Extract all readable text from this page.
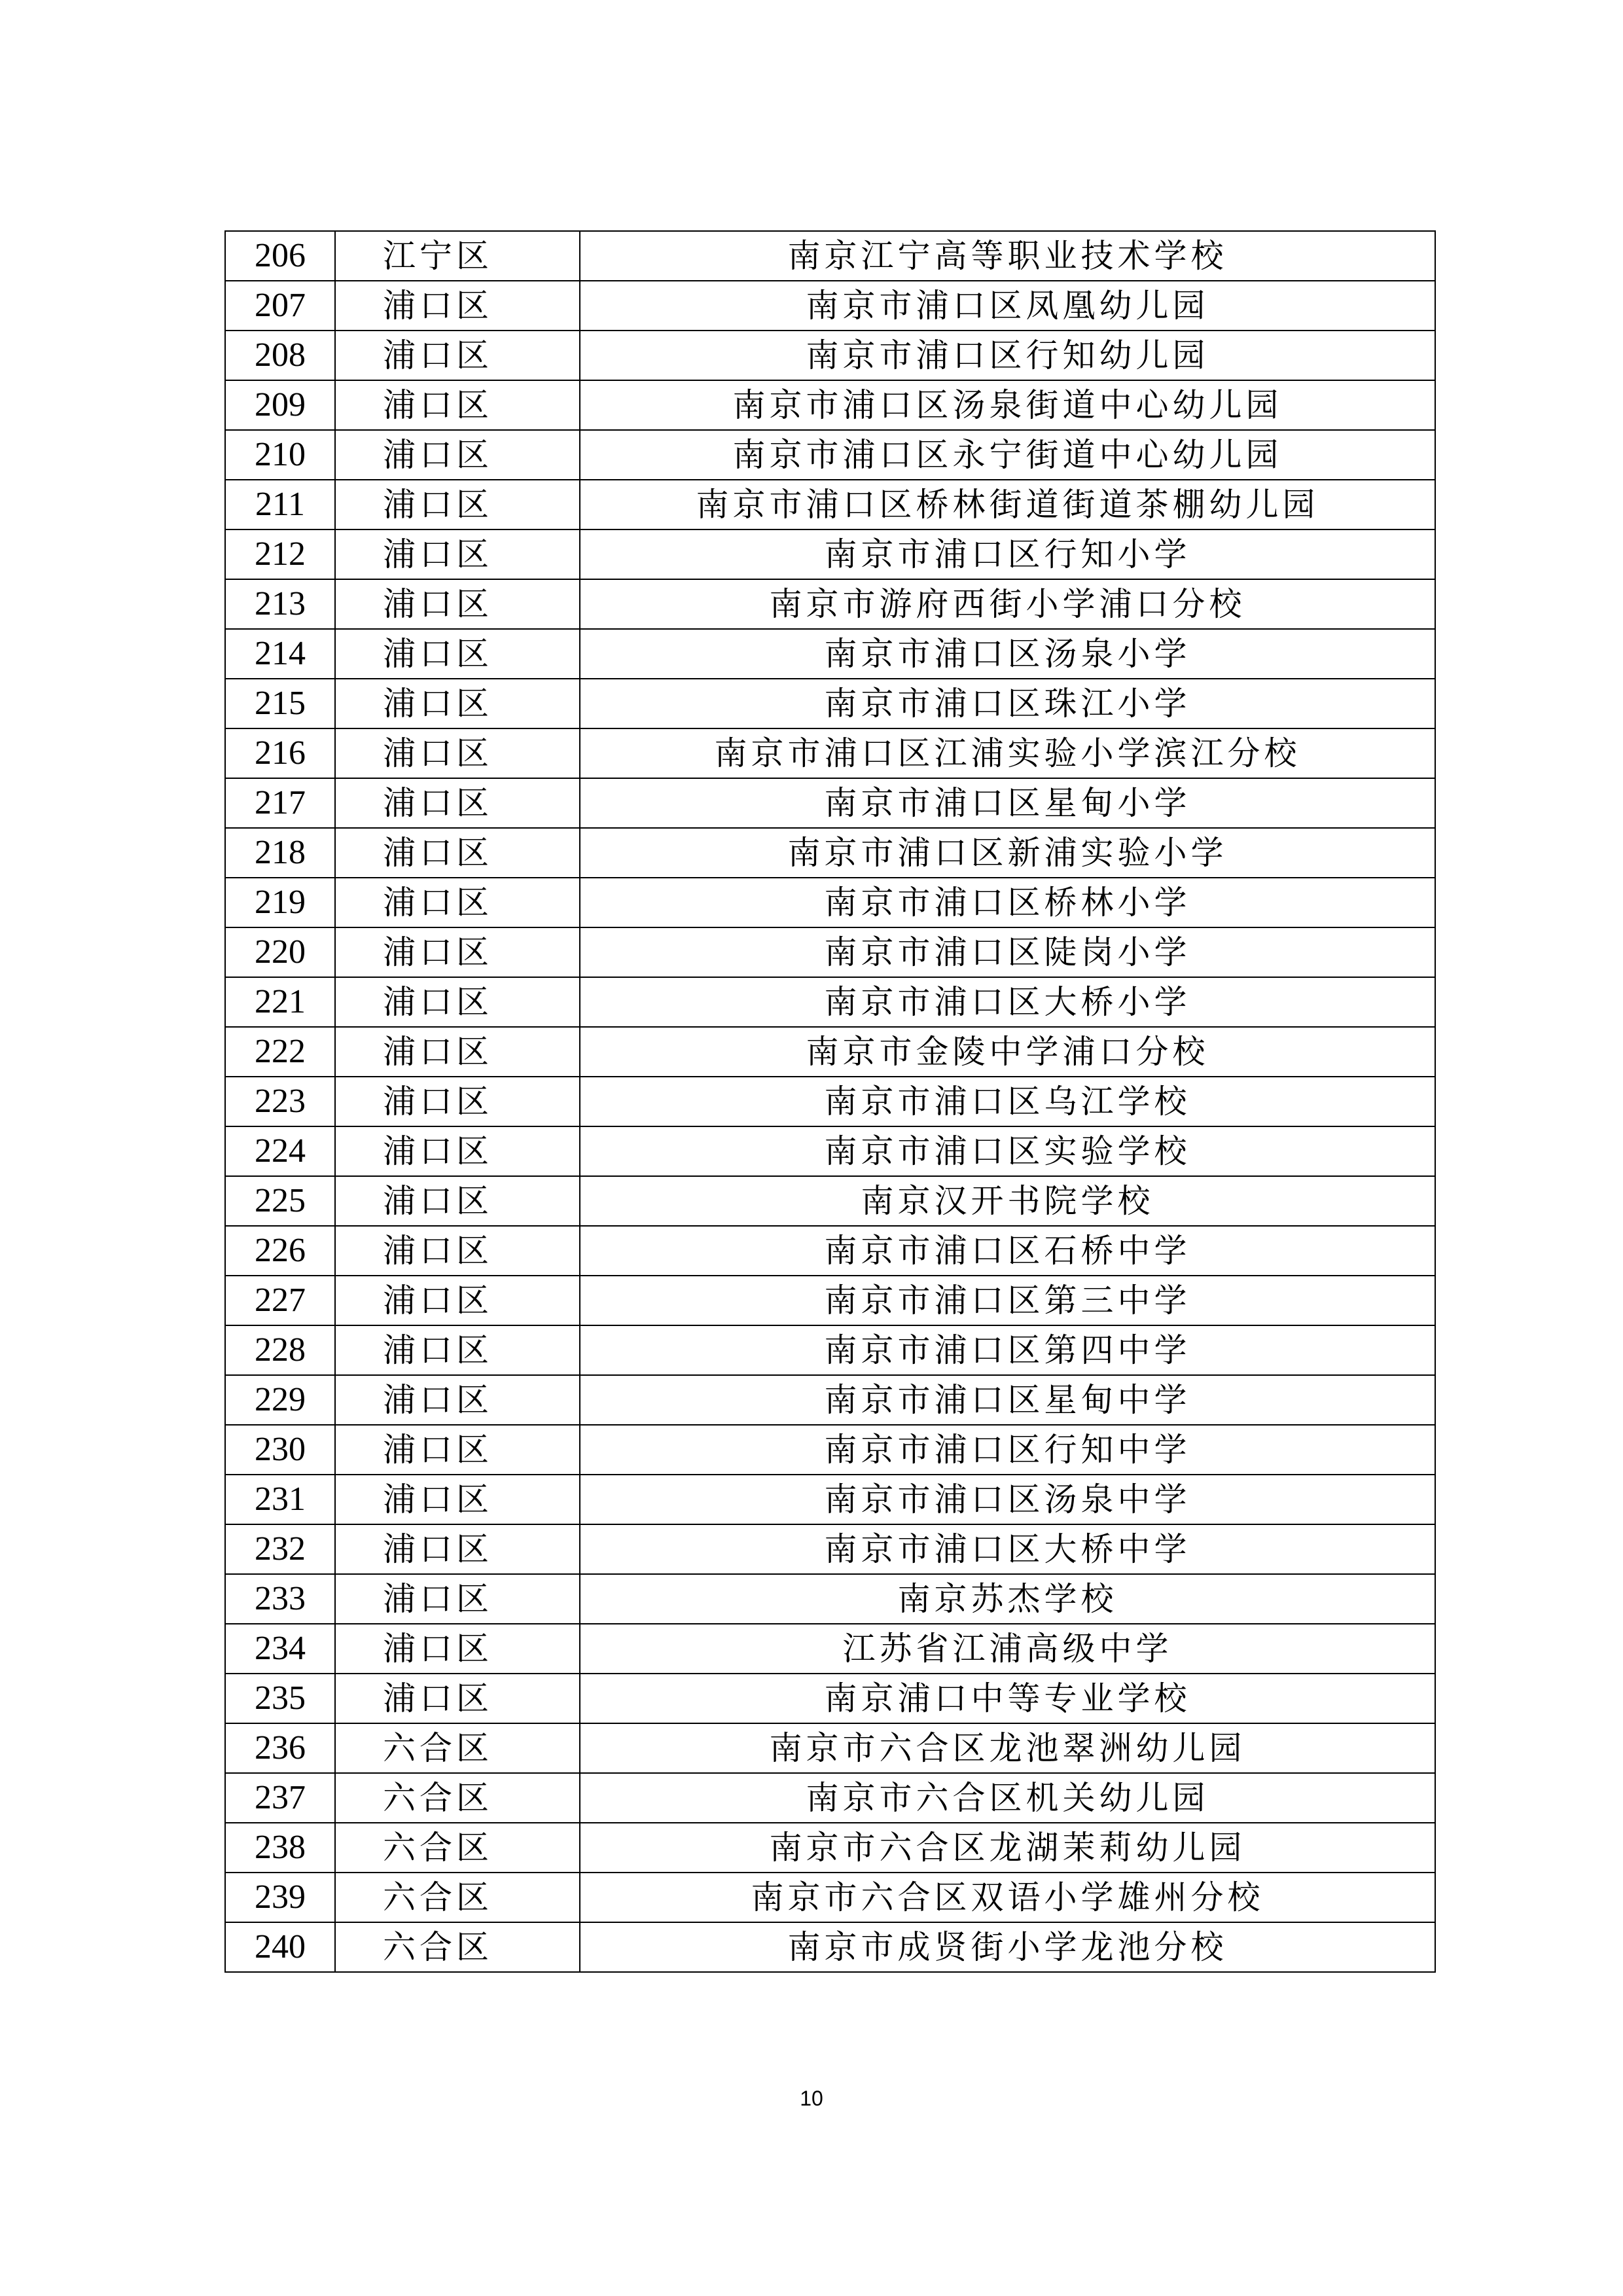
206	江宁区	南京江宁高等职业技术学校
207	浦口区	南京市浦口区凤凰幼儿园
208	浦口区	南京市浦口区行知幼儿园
209	浦口区	南京市浦口区汤泉街道中心幼儿园
210	浦口区	南京市浦口区永宁街道中心幼儿园
211	浦口区	南京市浦口区桥林街道街道茶棚幼儿园
212	浦口区	南京市浦口区行知小学
213	浦口区	南京市游府西街小学浦口分校
214	浦口区	南京市浦口区汤泉小学
215	浦口区	南京市浦口区珠江小学
216	浦口区	南京市浦口区江浦实验小学滨江分校
217	浦口区	南京市浦口区星甸小学
218	浦口区	南京市浦口区新浦实验小学
219	浦口区	南京市浦口区桥林小学
220	浦口区	南京市浦口区陡岗小学
221	浦口区	南京市浦口区大桥小学
222	浦口区	南京市金陵中学浦口分校
223	浦口区	南京市浦口区乌江学校
224	浦口区	南京市浦口区实验学校
225	浦口区	南京汉开书院学校
226	浦口区	南京市浦口区石桥中学
227	浦口区	南京市浦口区第三中学
228	浦口区	南京市浦口区第四中学
229	浦口区	南京市浦口区星甸中学
230	浦口区	南京市浦口区行知中学
231	浦口区	南京市浦口区汤泉中学
232	浦口区	南京市浦口区大桥中学
233	浦口区	南京苏杰学校
234	浦口区	江苏省江浦高级中学
235	浦口区	南京浦口中等专业学校
236	六合区	南京市六合区龙池翠洲幼儿园
237	六合区	南京市六合区机关幼儿园
238	六合区	南京市六合区龙湖茉莉幼儿园
239	六合区	南京市六合区双语小学雄州分校
240	六合区	南京市成贤街小学龙池分校
10
